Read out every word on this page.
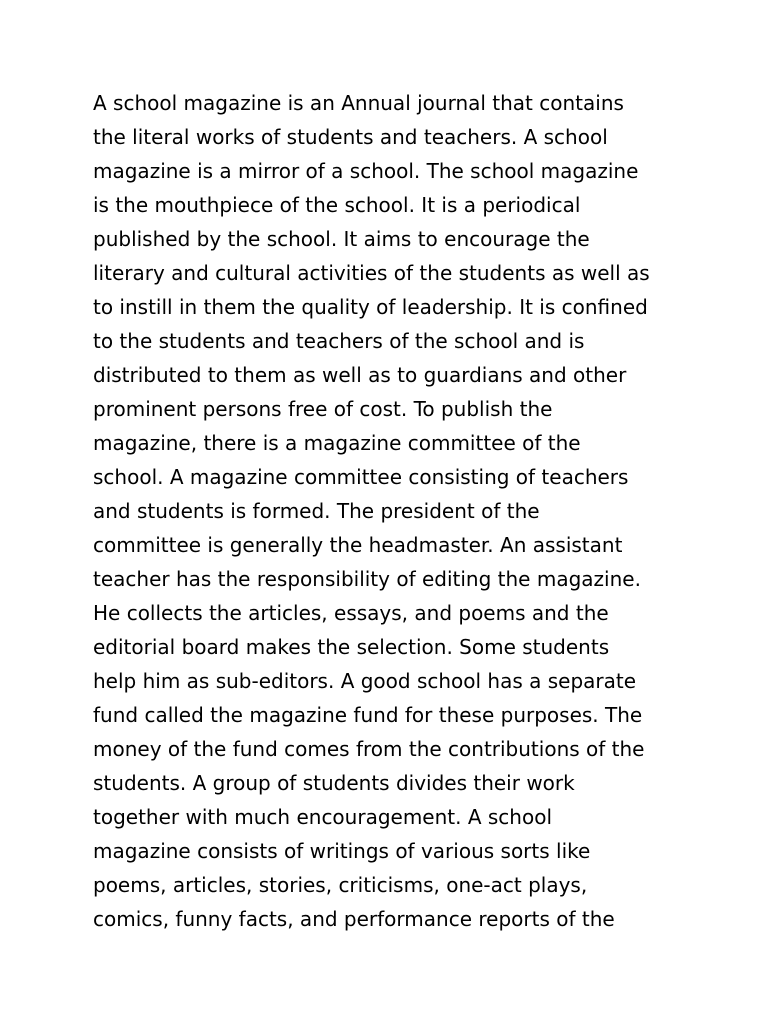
A school magazine is an Annual journal that contains
the literal works of students and teachers. A school
magazine is a mirror of a school. The school magazine
is the mouthpiece of the school. It is a periodical
published by the school. It aims to encourage the
literary and cultural activities of the students as well as
to instill in them the quality of leadership. It is confined
to the students and teachers of the school and is
distributed to them as well as to guardians and other
prominent persons free of cost. To publish the
magazine, there is a magazine committee of the
school. A magazine committee consisting of teachers
and students is formed. The president of the
committee is generally the headmaster. An assistant
teacher has the responsibility of editing the magazine.
He collects the articles, essays, and poems and the
editorial board makes the selection. Some students
help him as sub-editors. A good school has a separate
fund called the magazine fund for these purposes. The
money of the fund comes from the contributions of the
students. A group of students divides their work
together with much encouragement. A school
magazine consists of writings of various sorts like
poems, articles, stories, criticisms, one-act plays,
comics, funny facts, and performance reports of the
